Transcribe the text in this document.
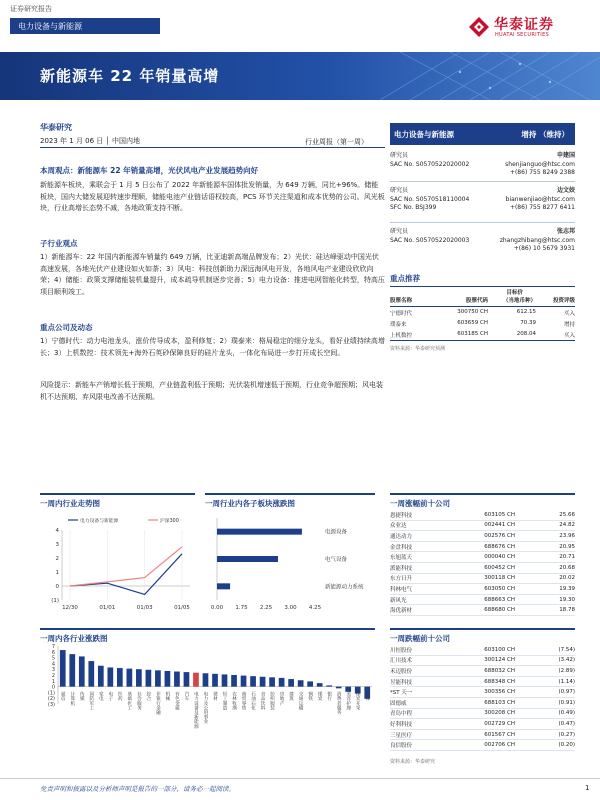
证券研究报告
电力设备与新能源	华泰证券
HUATAI SECURITIES
新能源车 22 年销量高增
华泰研究
2023 年 1 月 06 日 │ 中国内地	行业周报（第一周）
本周观点：新能源车 22 年销量高增，光伏风电产业发展趋势向好
新能源车板块，乘联会于 1 月 5 日公布了 2022 年新能源车国体批发销量，为 649 万辆，同比+96%。储能板块，国内大储发展迎转速步理顺，储能电池产业链话语权较高，PCS 环节关注渠道和成本优势的公司。风光板块，行业高增长态势不减，各地政策支持不断。
子行业观点
1）新能源车：22 年国内新能源车销量约 649 万辆，比亚迪新高端品牌发布；2）光伏：硅达峰驱动中国光伏高速发展，各地光伏产业建设如火如荼；3）风电：科技创新助力深远海风电开发，各地风电产业建设欣欣向荣；4）储能：政策支撑储能装机量提升，成本疏导机制逐步完善；5）电力设备：推进电网智能化转型，特高压项目顺利竣工。
重点公司及动态
1）宁德时代：动力电池龙头，涨价传导成本，盈利修复；2）璞泰来：格局稳定的细分龙头，看好业绩持续高增长；3）上机数控：技术领先+海外石英砂保障良好的硅片龙头，一体化布局进一步打开成长空间。
风险提示：新能车产销增长低于预期，产业链盈利低于预期；光伏装机增速低于预期，行业竞争超预期；风电装机不达预期、弃风限电改善不达预期。
电力设备与新能源	增持 （维持）
研究员	申建国
SAC No. S0570522020002	shenjianguo@htsc.com
+(86) 755 8249 2388
研究员	边文姣
SAC No. S0570518110004	bianwenjiao@htsc.com
SFC No. BSJ399	+(86) 755 8277 6411
研究员	张志邦
SAC No. S0570522020003	zhangzhibang@htsc.com
+(86) 10 5679 3931
重点推荐
目标价
股票名称	股票代码	（当地币种）	投资评级
宁德时代	300750 CH	612.15	买入
璞泰来	603659 CH	70.39	增持
上机数控	603185 CH	208.04	买入
资料来源：华泰研究预测
一周内行业走势图
(1)
0
1
2
3
4
12/30	01/01	01/03	01/05
电力设备与新能源	沪深300
一周行业内各子板块涨跌图
电源设备
电气设备
新能源动力系统
0.00 1.75 2.25 3.00 4.25
一周内各行业涨跌图
7
6
5
4
3
2
1
0
(1)
(2)
(3)
通信 计算机 传媒 国防军工 家电 电子 医药 基础化工 社会服务 综合 非银行金融 机械 有色金属 汽车 电力设备及新能源 电力及公用事业 建材 轻工制造 农林牧渔 商贸零售 石油石化 食品饮料 纺织服装 房地产 建筑 交通运输 钢铁 煤炭 银行 消费者服务 美容护理 煤炭开采 环保
一周涨幅前十公司
恩捷科技	603105 CH	25.66
众业达	002441 CH	24.82
通达动力	002576 CH	23.96
金盘科技	688676 CH	20.95
东旭蓝天	000040 CH	20.71
派能科技	600452 CH	20.68
东方日升	300118 CH	20.02
科林电气	603050 CH	19.39
新风光	688663 CH	19.30
海优新材	688680 CH	18.78
一周跌幅前十公司
川恒股份	603100 CH	(7.54)
汇川技术	300124 CH	(3.42)
禾迈股份	688032 CH	(2.89)
昱能科技	688348 CH	(1.14)
*ST 天一	300356 CH	(0.97)
固德威	688103 CH	(0.91)
青岛中程	300208 CH	(0.49)
好利科技	002729 CH	(0.47)
三星医疗	601567 CH	(0.27)
良信股份	002706 CH	(0.20)
资料来源：华泰研究
免责声明和披露以及分析师声明是报告的一部分，请务必一起阅读。	1
